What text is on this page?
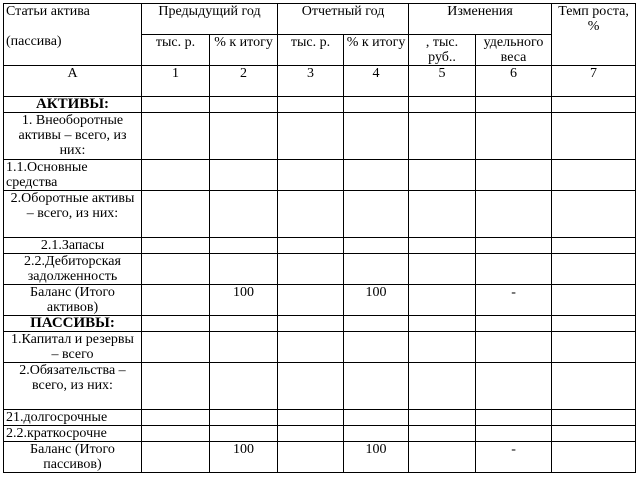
Статьи актива
(пассива)	Предыдущий год		Отчетный год		Изменения		Темп роста, %
	тыс. р.	% к итогу	тыс. р.	% к итогу	, тыс. руб..	удельного веса	
А	1	2	3	4	5	6	7
АКТИВЫ:							
1. Внеоборотные активы – всего, из них:							
1.1.Основные средства							
2.Оборотные активы – всего, из них:							
2.1.Запасы							
2.2.Дебиторская задолженность							
Баланс (Итого активов)		100		100		-	
ПАССИВЫ:							
1.Капитал и резервы – всего							
2.Обязательства – всего, из них:							
21.долгосрочные							
2.2.краткосрочне							
Баланс (Итого пассивов)		100		100		-	
